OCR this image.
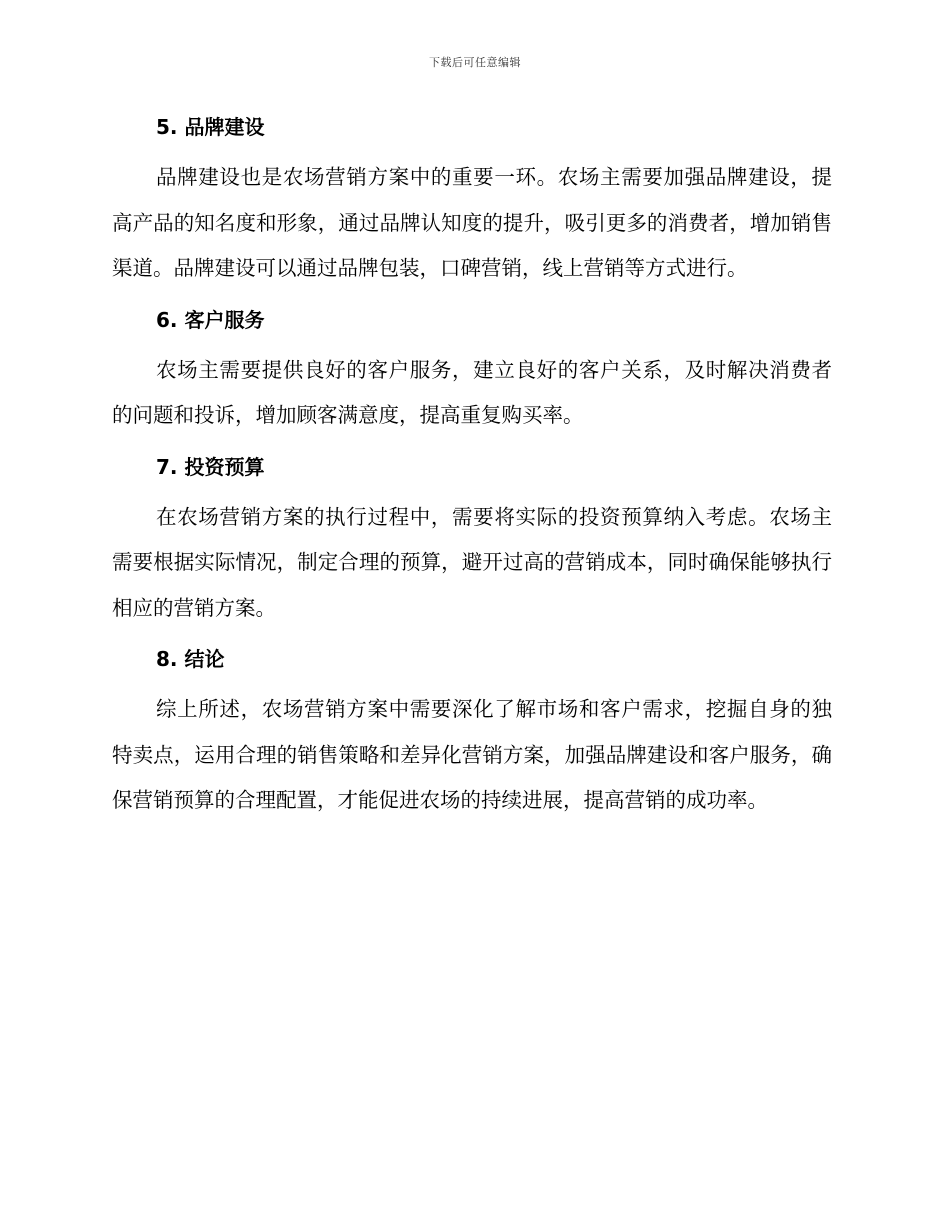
下载后可任意编辑
5. 品牌建设

品牌建设也是农场营销方案中的重要一环。农场主需要加强品牌建设，提高产品的知名度和形象，通过品牌认知度的提升，吸引更多的消费者，增加销售渠道。品牌建设可以通过品牌包装，口碑营销，线上营销等方式进行。

6. 客户服务

农场主需要提供良好的客户服务，建立良好的客户关系，及时解决消费者的问题和投诉，增加顾客满意度，提高重复购买率。

7. 投资预算

在农场营销方案的执行过程中，需要将实际的投资预算纳入考虑。农场主需要根据实际情况，制定合理的预算，避开过高的营销成本，同时确保能够执行相应的营销方案。

8. 结论

综上所述，农场营销方案中需要深化了解市场和客户需求，挖掘自身的独特卖点，运用合理的销售策略和差异化营销方案，加强品牌建设和客户服务，确保营销预算的合理配置，才能促进农场的持续进展，提高营销的成功率。
